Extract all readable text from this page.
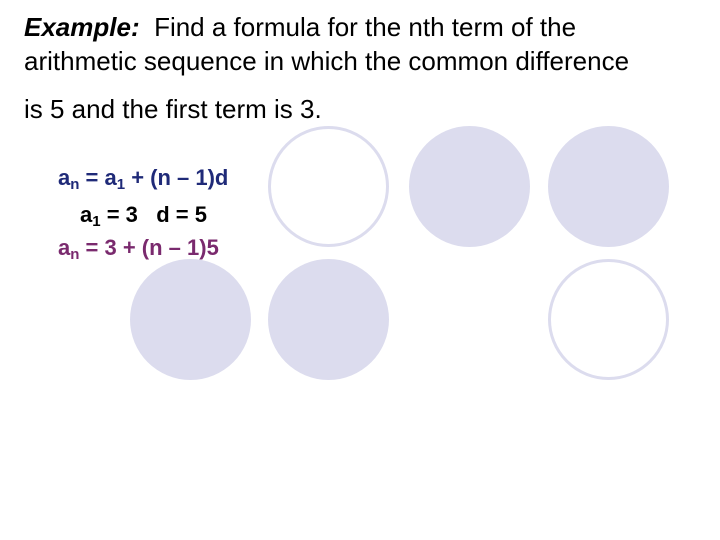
Example: Find a formula for the nth term of the
arithmetic sequence in which the common difference
is 5 and the first term is 3.
$a_n = a_1 + (n - 1)d$
$a_1 = 3$   d = 5
$a_n = 3 + (n - 1)5$
